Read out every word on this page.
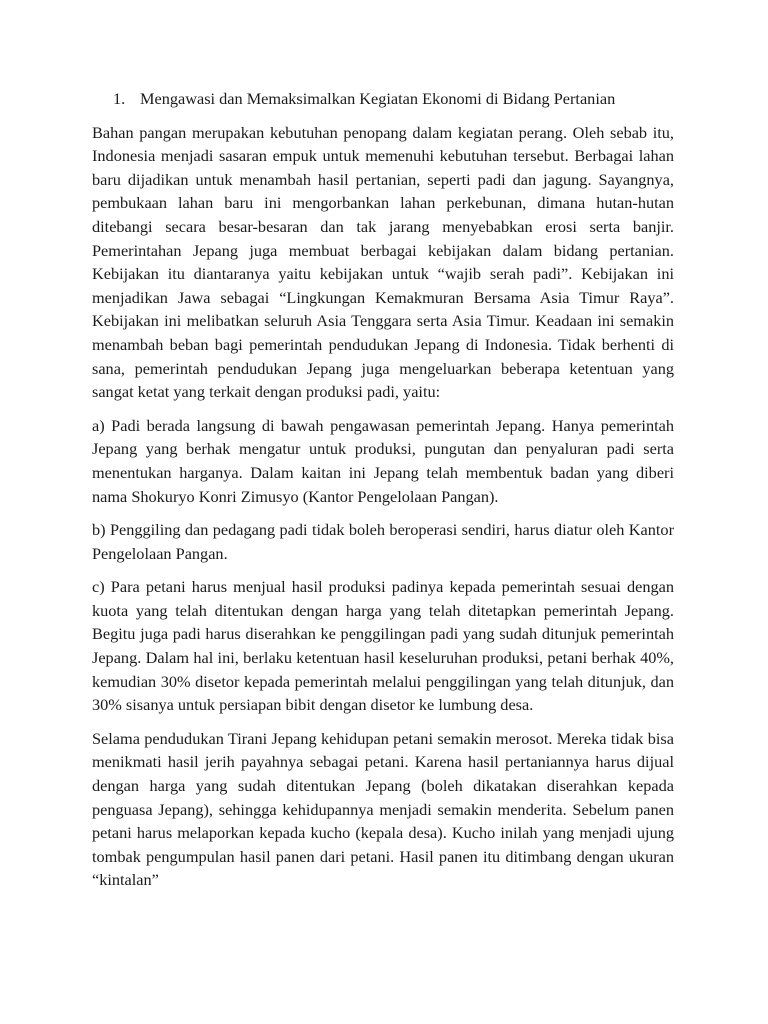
1. Mengawasi dan Memaksimalkan Kegiatan Ekonomi di Bidang Pertanian

Bahan pangan merupakan kebutuhan penopang dalam kegiatan perang. Oleh sebab itu, Indonesia menjadi sasaran empuk untuk memenuhi kebutuhan tersebut. Berbagai lahan baru dijadikan untuk menambah hasil pertanian, seperti padi dan jagung. Sayangnya, pembukaan lahan baru ini mengorbankan lahan perkebunan, dimana hutan-hutan ditebangi secara besar-besaran dan tak jarang menyebabkan erosi serta banjir. Pemerintahan Jepang juga membuat berbagai kebijakan dalam bidang pertanian. Kebijakan itu diantaranya yaitu kebijakan untuk “wajib serah padi”. Kebijakan ini menjadikan Jawa sebagai “Lingkungan Kemakmuran Bersama Asia Timur Raya”. Kebijakan ini melibatkan seluruh Asia Tenggara serta Asia Timur. Keadaan ini semakin menambah beban bagi pemerintah pendudukan Jepang di Indonesia. Tidak berhenti di sana, pemerintah pendudukan Jepang juga mengeluarkan beberapa ketentuan yang sangat ketat yang terkait dengan produksi padi, yaitu:

a) Padi berada langsung di bawah pengawasan pemerintah Jepang. Hanya pemerintah Jepang yang berhak mengatur untuk produksi, pungutan dan penyaluran padi serta menentukan harganya. Dalam kaitan ini Jepang telah membentuk badan yang diberi nama Shokuryo Konri Zimusyo (Kantor Pengelolaan Pangan).

b) Penggiling dan pedagang padi tidak boleh beroperasi sendiri, harus diatur oleh Kantor Pengelolaan Pangan.

c) Para petani harus menjual hasil produksi padinya kepada pemerintah sesuai dengan kuota yang telah ditentukan dengan harga yang telah ditetapkan pemerintah Jepang. Begitu juga padi harus diserahkan ke penggilingan padi yang sudah ditunjuk pemerintah Jepang. Dalam hal ini, berlaku ketentuan hasil keseluruhan produksi, petani berhak 40%, kemudian 30% disetor kepada pemerintah melalui penggilingan yang telah ditunjuk, dan 30% sisanya untuk persiapan bibit dengan disetor ke lumbung desa.

Selama pendudukan Tirani Jepang kehidupan petani semakin merosot. Mereka tidak bisa menikmati hasil jerih payahnya sebagai petani. Karena hasil pertaniannya harus dijual dengan harga yang sudah ditentukan Jepang (boleh dikatakan diserahkan kepada penguasa Jepang), sehingga kehidupannya menjadi semakin menderita. Sebelum panen petani harus melaporkan kepada kucho (kepala desa). Kucho inilah yang menjadi ujung tombak pengumpulan hasil panen dari petani. Hasil panen itu ditimbang dengan ukuran “kintalan”
